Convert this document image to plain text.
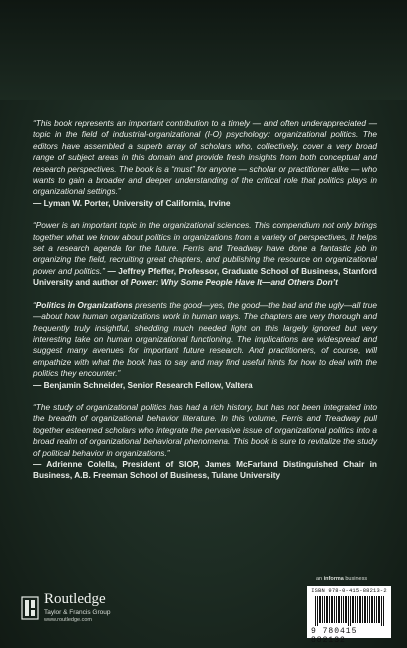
“This book represents an important contribution to a timely — and often underappreciated — topic in the field of industrial-organizational (I-O) psychology: organizational politics. The editors have assembled a superb array of scholars who, collectively, cover a very broad range of subject areas in this domain and provide fresh insights from both conceptual and research perspectives. The book is a “must” for anyone — scholar or practitioner alike — who wants to gain a broader and deeper understanding of the critical role that politics plays in organizational settings.”
— Lyman W. Porter, University of California, Irvine

“Power is an important topic in the organizational sciences. This compendium not only brings together what we know about politics in organizations from a variety of perspectives, it helps set a research agenda for the future. Ferris and Treadway have done a fantastic job in organizing the field, recruiting great chapters, and publishing the resource on organizational power and politics.” — Jeffrey Pfeffer, Professor, Graduate School of Business, Stanford University and author of Power: Why Some People Have It—and Others Don’t

“Politics in Organizations presents the good—yes, the good—the bad and the ugly—all true—about how human organizations work in human ways. The chapters are very thorough and frequently truly insightful, shedding much needed light on this largely ignored but very interesting take on human organizational functioning. The implications are widespread and suggest many avenues for important future research. And practitioners, of course, will empathize with what the book has to say and may find useful hints for how to deal with the politics they encounter.”
— Benjamin Schneider, Senior Research Fellow, Valtera

“The study of organizational politics has had a rich history, but has not been integrated into the breadth of organizational behavior literature. In this volume, Ferris and Treadway pull together esteemed scholars who integrate the pervasive issue of organizational politics into a broad realm of organizational behavioral phenomena. This book is sure to revitalize the study of political behavior in organizations.”
— Adrienne Colella, President of SIOP, James McFarland Distinguished Chair in Business, A.B. Freeman School of Business, Tulane University

an informa business
Routledge
Taylor & Francis Group
www.routledge.com
ISBN 978-0-415-88213-2
9 780415 882132
